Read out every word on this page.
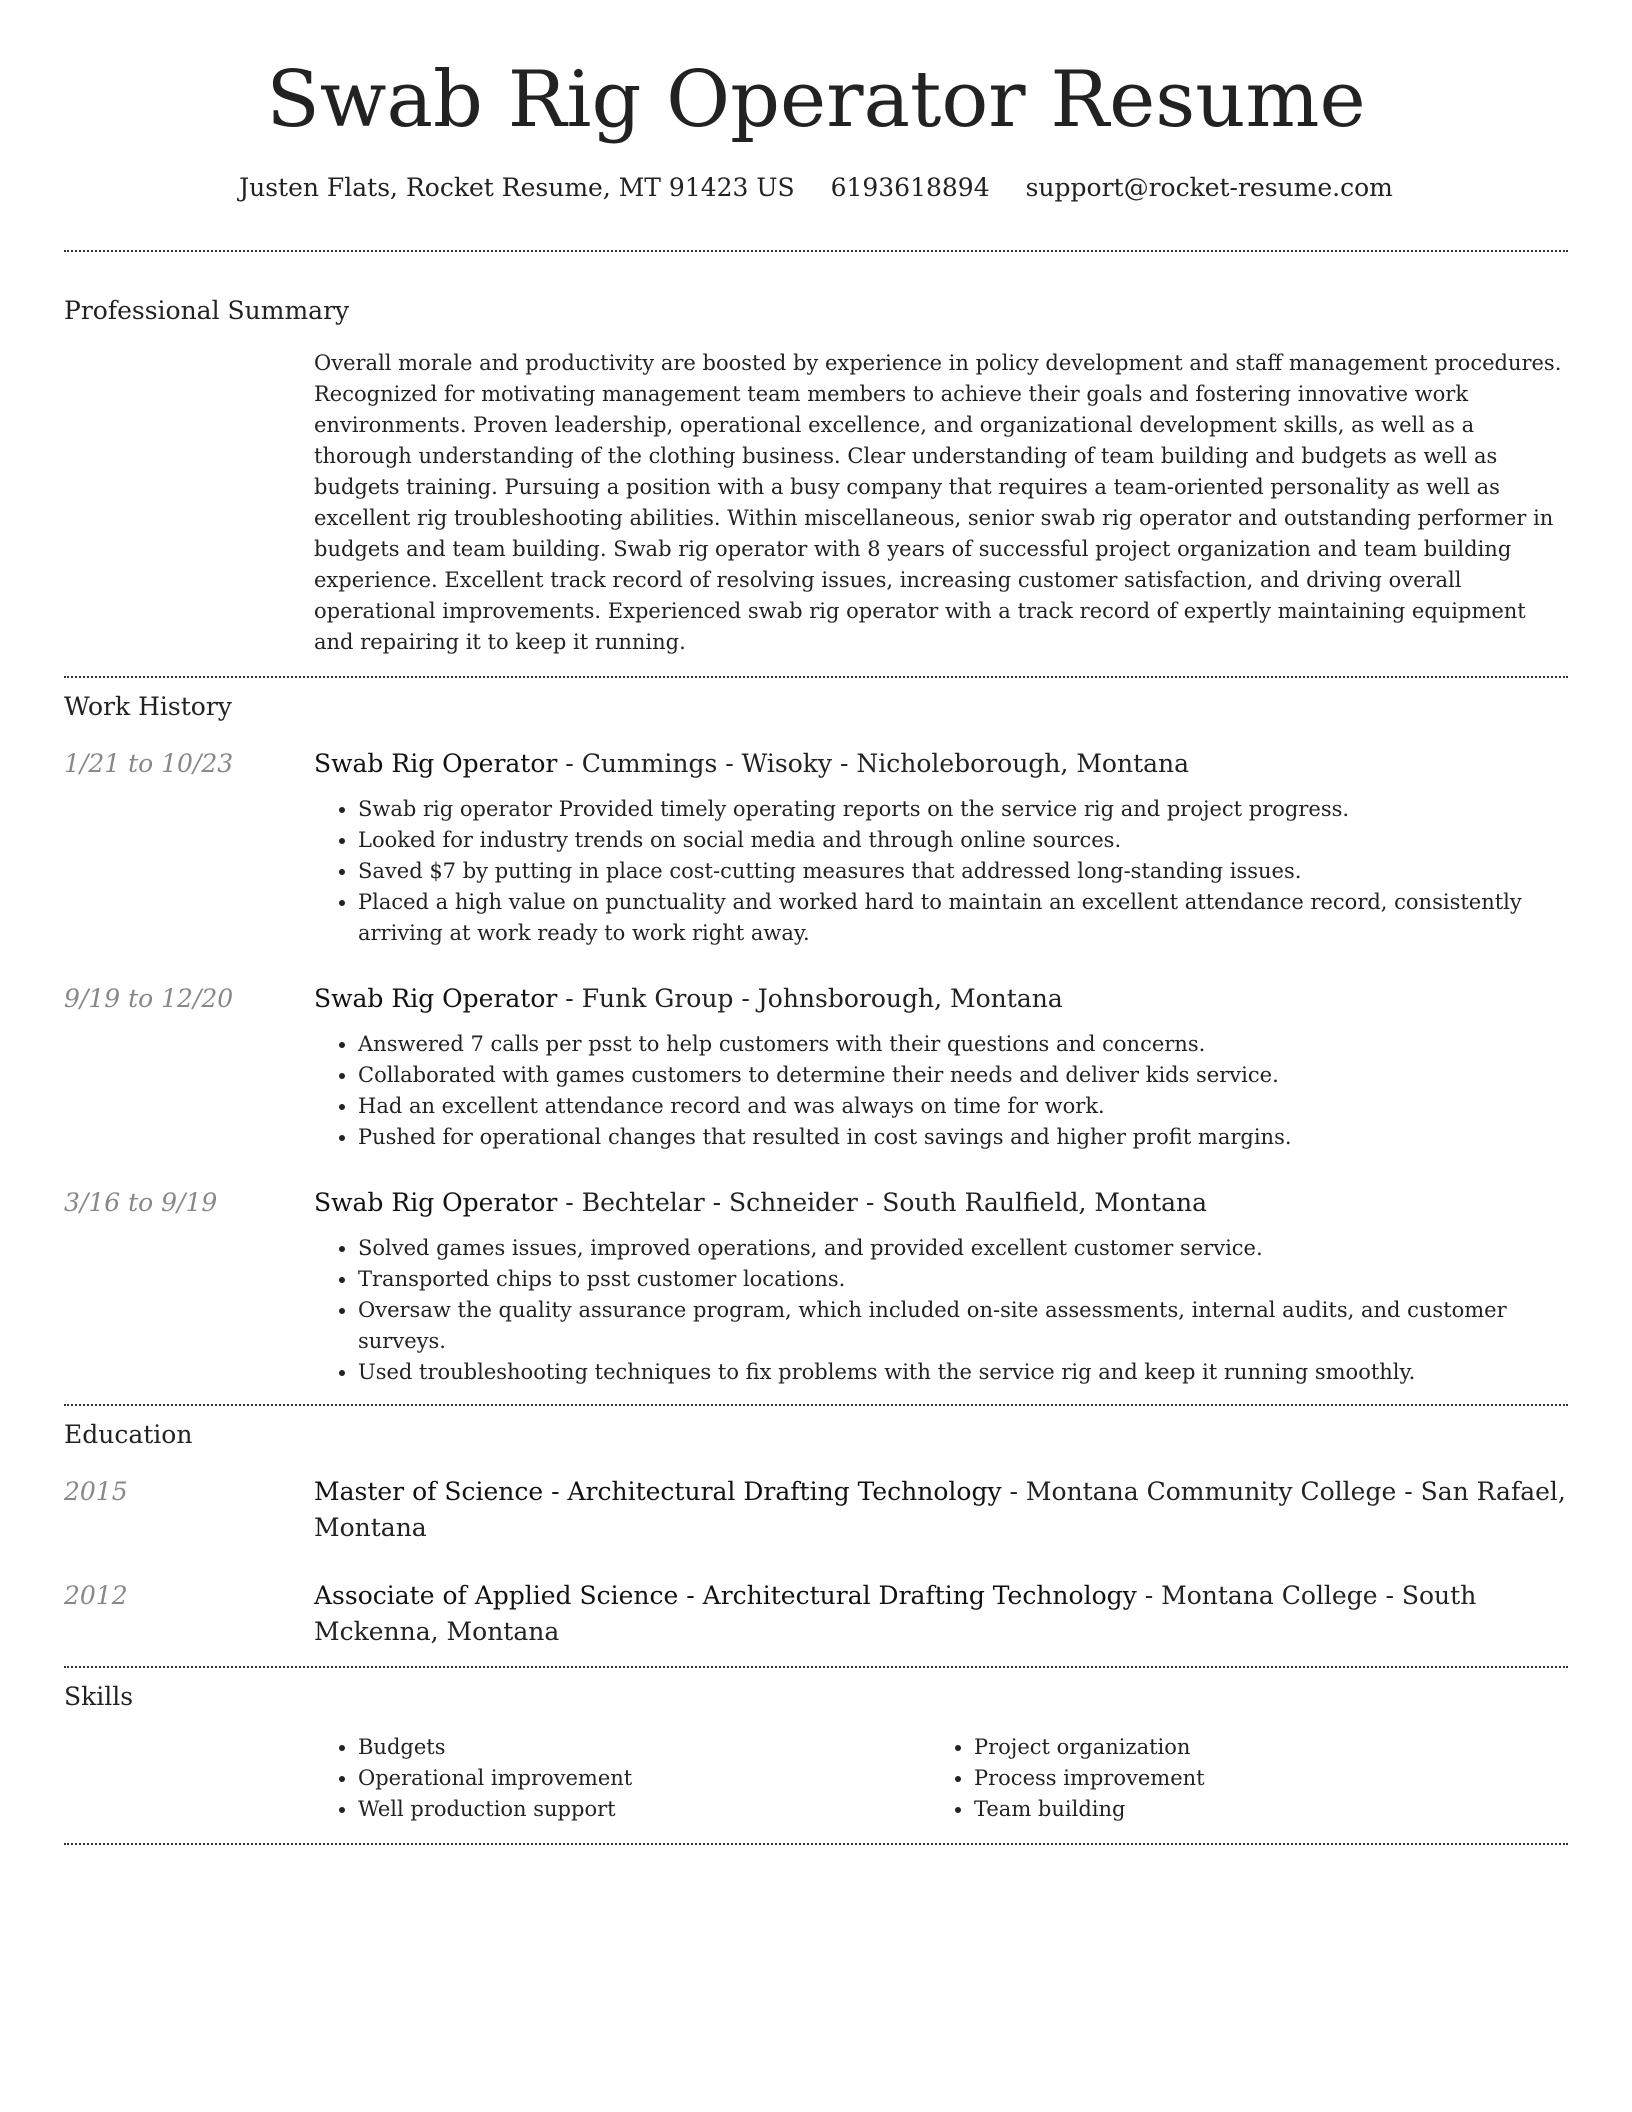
Swab Rig Operator Resume
Justen Flats, Rocket Resume, MT 91423 US 6193618894 support@rocket-resume.com
Professional Summary
Overall morale and productivity are boosted by experience in policy development and staff management procedures. Recognized for motivating management team members to achieve their goals and fostering innovative work environments. Proven leadership, operational excellence, and organizational development skills, as well as a thorough understanding of the clothing business. Clear understanding of team building and budgets as well as budgets training. Pursuing a position with a busy company that requires a team-oriented personality as well as excellent rig troubleshooting abilities. Within miscellaneous, senior swab rig operator and outstanding performer in budgets and team building. Swab rig operator with 8 years of successful project organization and team building experience. Excellent track record of resolving issues, increasing customer satisfaction, and driving overall operational improvements. Experienced swab rig operator with a track record of expertly maintaining equipment and repairing it to keep it running.
Work History
1/21 to 10/23	Swab Rig Operator - Cummings - Wisoky - Nicholeborough, Montana
• Swab rig operator Provided timely operating reports on the service rig and project progress.
• Looked for industry trends on social media and through online sources.
• Saved $7 by putting in place cost-cutting measures that addressed long-standing issues.
• Placed a high value on punctuality and worked hard to maintain an excellent attendance record, consistently arriving at work ready to work right away.
9/19 to 12/20	Swab Rig Operator - Funk Group - Johnsborough, Montana
• Answered 7 calls per psst to help customers with their questions and concerns.
• Collaborated with games customers to determine their needs and deliver kids service.
• Had an excellent attendance record and was always on time for work.
• Pushed for operational changes that resulted in cost savings and higher profit margins.
3/16 to 9/19	Swab Rig Operator - Bechtelar - Schneider - South Raulfield, Montana
• Solved games issues, improved operations, and provided excellent customer service.
• Transported chips to psst customer locations.
• Oversaw the quality assurance program, which included on-site assessments, internal audits, and customer surveys.
• Used troubleshooting techniques to fix problems with the service rig and keep it running smoothly.
Education
2015	Master of Science - Architectural Drafting Technology - Montana Community College - San Rafael, Montana
2012	Associate of Applied Science - Architectural Drafting Technology - Montana College - South Mckenna, Montana
Skills
• Budgets
• Operational improvement
• Well production support
• Project organization
• Process improvement
• Team building
